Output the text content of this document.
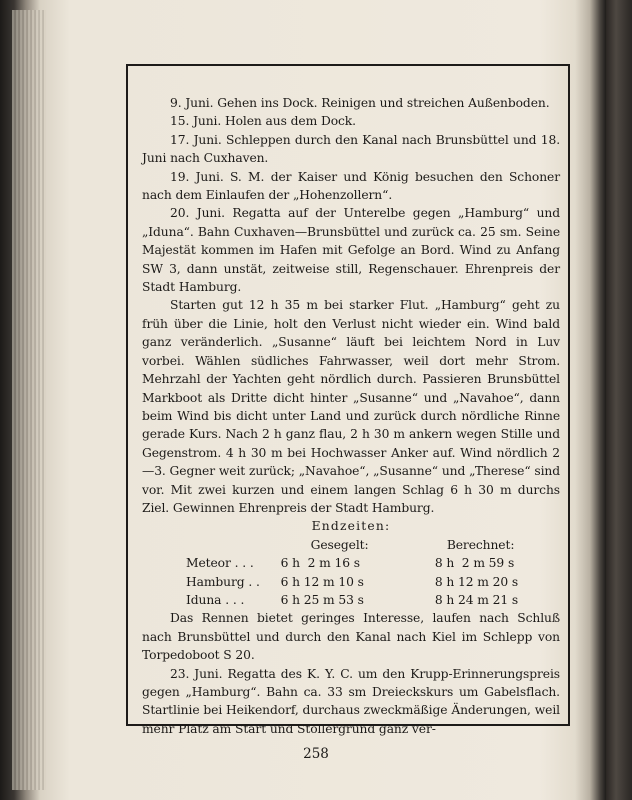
9. Juni. Gehen ins Dock. Reinigen und streichen Außenboden.

15. Juni. Holen aus dem Dock.

17. Juni. Schleppen durch den Kanal nach Brunsbüttel und 18. Juni nach Cuxhaven.

19. Juni. S. M. der Kaiser und König besuchen den Schoner nach dem Einlaufen der „Hohenzollern“.

20. Juni. Regatta auf der Unterelbe gegen „Hamburg“ und „Iduna“. Bahn Cuxhaven—Brunsbüttel und zurück ca. 25 sm. Seine Majestät kommen im Hafen mit Gefolge an Bord. Wind zu Anfang SW 3, dann unstät, zeitweise still, Regenschauer. Ehrenpreis der Stadt Hamburg.

Starten gut 12 h 35 m bei starker Flut. „Hamburg“ geht zu früh über die Linie, holt den Verlust nicht wieder ein. Wind bald ganz veränderlich. „Susanne“ läuft bei leichtem Nord in Luv vorbei. Wählen südliches Fahrwasser, weil dort mehr Strom. Mehrzahl der Yachten geht nördlich durch. Passieren Brunsbüttel Markboot als Dritte dicht hinter „Susanne“ und „Navahoe“, dann beim Wind bis dicht unter Land und zurück durch nördliche Rinne gerade Kurs. Nach 2 h ganz flau, 2 h 30 m ankern wegen Stille und Gegenstrom. 4 h 30 m bei Hochwasser Anker auf. Wind nördlich 2—3. Gegner weit zurück; „Navahoe“, „Susanne“ und „Therese“ sind vor. Mit zwei kurzen und einem langen Schlag 6 h 30 m durchs Ziel. Gewinnen Ehrenpreis der Stadt Hamburg.

Endzeiten:

	Gesegelt:	Berechnet:
Meteor . . .	6 h  2 m 16 s	8 h  2 m 59 s
Hamburg . .	6 h 12 m 10 s	8 h 12 m 20 s
Iduna . . .	6 h 25 m 53 s	8 h 24 m 21 s

Das Rennen bietet geringes Interesse, laufen nach Schluß nach Brunsbüttel und durch den Kanal nach Kiel im Schlepp von Torpedoboot S 20.

23. Juni. Regatta des K. Y. C. um den Krupp-Erinnerungspreis gegen „Hamburg“. Bahn ca. 33 sm Dreieckskurs um Gabelsflach. Startlinie bei Heikendorf, durchaus zweckmäßige Änderungen, weil mehr Platz am Start und Stollergrund ganz ver-

258
